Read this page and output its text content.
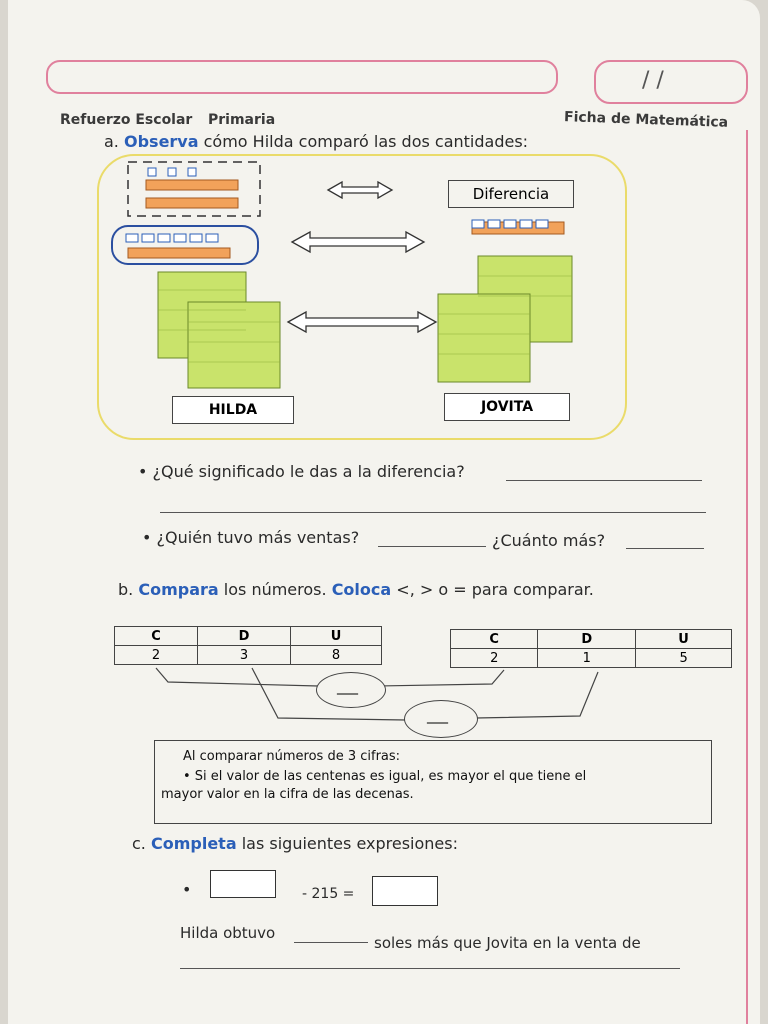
/ /
Refuerzo Escolar Primaria	Ficha de Matemática
a. Observa cómo Hilda comparó las dos cantidades:
Diferencia
HILDA	JOVITA
• ¿Qué significado le das a la diferencia?
• ¿Quién tuvo más ventas?	¿Cuánto más?
b. Compara los números. Coloca <, > o = para comparar.
C	D	U
2	3	8
C	D	U
2	1	5
___
___
Al comparar números de 3 cifras:
• Si el valor de las centenas es igual, es mayor el que tiene el
mayor valor en la cifra de las decenas.
c. Completa las siguientes expresiones:
•	- 215 =
Hilda obtuvo
soles más que Jovita en la venta de
